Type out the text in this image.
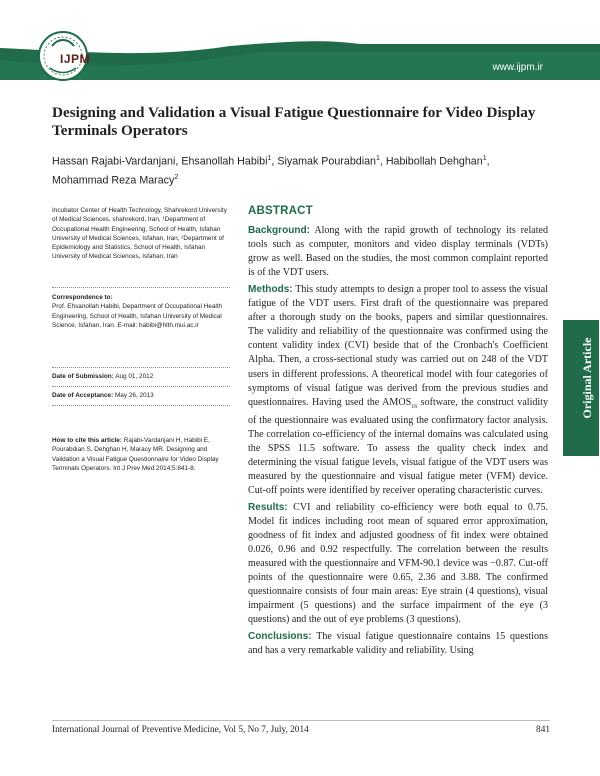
IJPM
www.ijpm.ir
Designing and Validation a Visual Fatigue Questionnaire for Video Display Terminals Operators
Hassan Rajabi-Vardanjani, Ehsanollah Habibi$^1$, Siyamak Pourabdian$^1$, Habibollah Dehghan$^1$,
Mohammad Reza Maracy$^2$
Incubator Center of Health Technology, Shahrekord University of Medical Sciences, shahrekord, Iran, ¹Department of Occupational Health Engineering, School of Health, Isfahan University of Medical Sciences, Isfahan, Iran, ²Department of Epidemiology and Statistics, School of Health, Isfahan University of Medical Sciences, Isfahan, Iran
Correspondence to:
Prof. Ehsanollah Habibi, Department of Occupational Health Engineering, School of Health, Isfahan University of Medical Science, Isfahan, Iran. E-mail: habibi@hlth.mui.ac.ir
Date of Submission: Aug 01, 2012
Date of Acceptance: May 26, 2013
How to cite this article: Rajabi-Vardanjani H, Habibi E, Pourabdian S, Dehghan H, Maracy MR. Designing and Validation a Visual Fatigue Questionnaire for Video Display Terminals Operators. Int J Prev Med 2014;5:841-8.
ABSTRACT

Background: Along with the rapid growth of technology its related tools such as computer, monitors and video display terminals (VDTs) grow as well. Based on the studies, the most common complaint reported is of the VDT users.

Methods: This study attempts to design a proper tool to assess the visual fatigue of the VDT users. First draft of the questionnaire was prepared after a thorough study on the books, papers and similar questionnaires. The validity and reliability of the questionnaire was confirmed using the content validity index (CVI) beside that of the Cronbach's Coefficient Alpha. Then, a cross-sectional study was carried out on 248 of the VDT users in different professions. A theoretical model with four categories of symptoms of visual fatigue was derived from the previous studies and questionnaires. Having used the $AMOS_{16}$ software, the construct validity of the questionnaire was evaluated using the confirmatory factor analysis. The correlation co-efficiency of the internal domains was calculated using the SPSS 11.5 software. To assess the quality check index and determining the visual fatigue levels, visual fatigue of the VDT users was measured by the questionnaire and visual fatigue meter (VFM) device. Cut-off points were identified by receiver operating characteristic curves.

Results: CVI and reliability co-efficiency were both equal to 0.75. Model fit indices including root mean of squared error approximation, goodness of fit index and adjusted goodness of fit index were obtained 0.026, 0.96 and 0.92 respectfully. The correlation between the results measured with the questionnaire and VFM-90.1 device was −0.87. Cut-off points of the questionnaire were 0.65, 2.36 and 3.88. The confirmed questionnaire consists of four main areas: Eye strain (4 questions), visual impairment (5 questions) and the surface impairment of the eye (3 questions) and the out of eye problems (3 questions).

Conclusions: The visual fatigue questionnaire contains 15 questions and has a very remarkable validity and reliability. Using

Original Article
International Journal of Preventive Medicine, Vol 5, No 7, July, 2014	841
